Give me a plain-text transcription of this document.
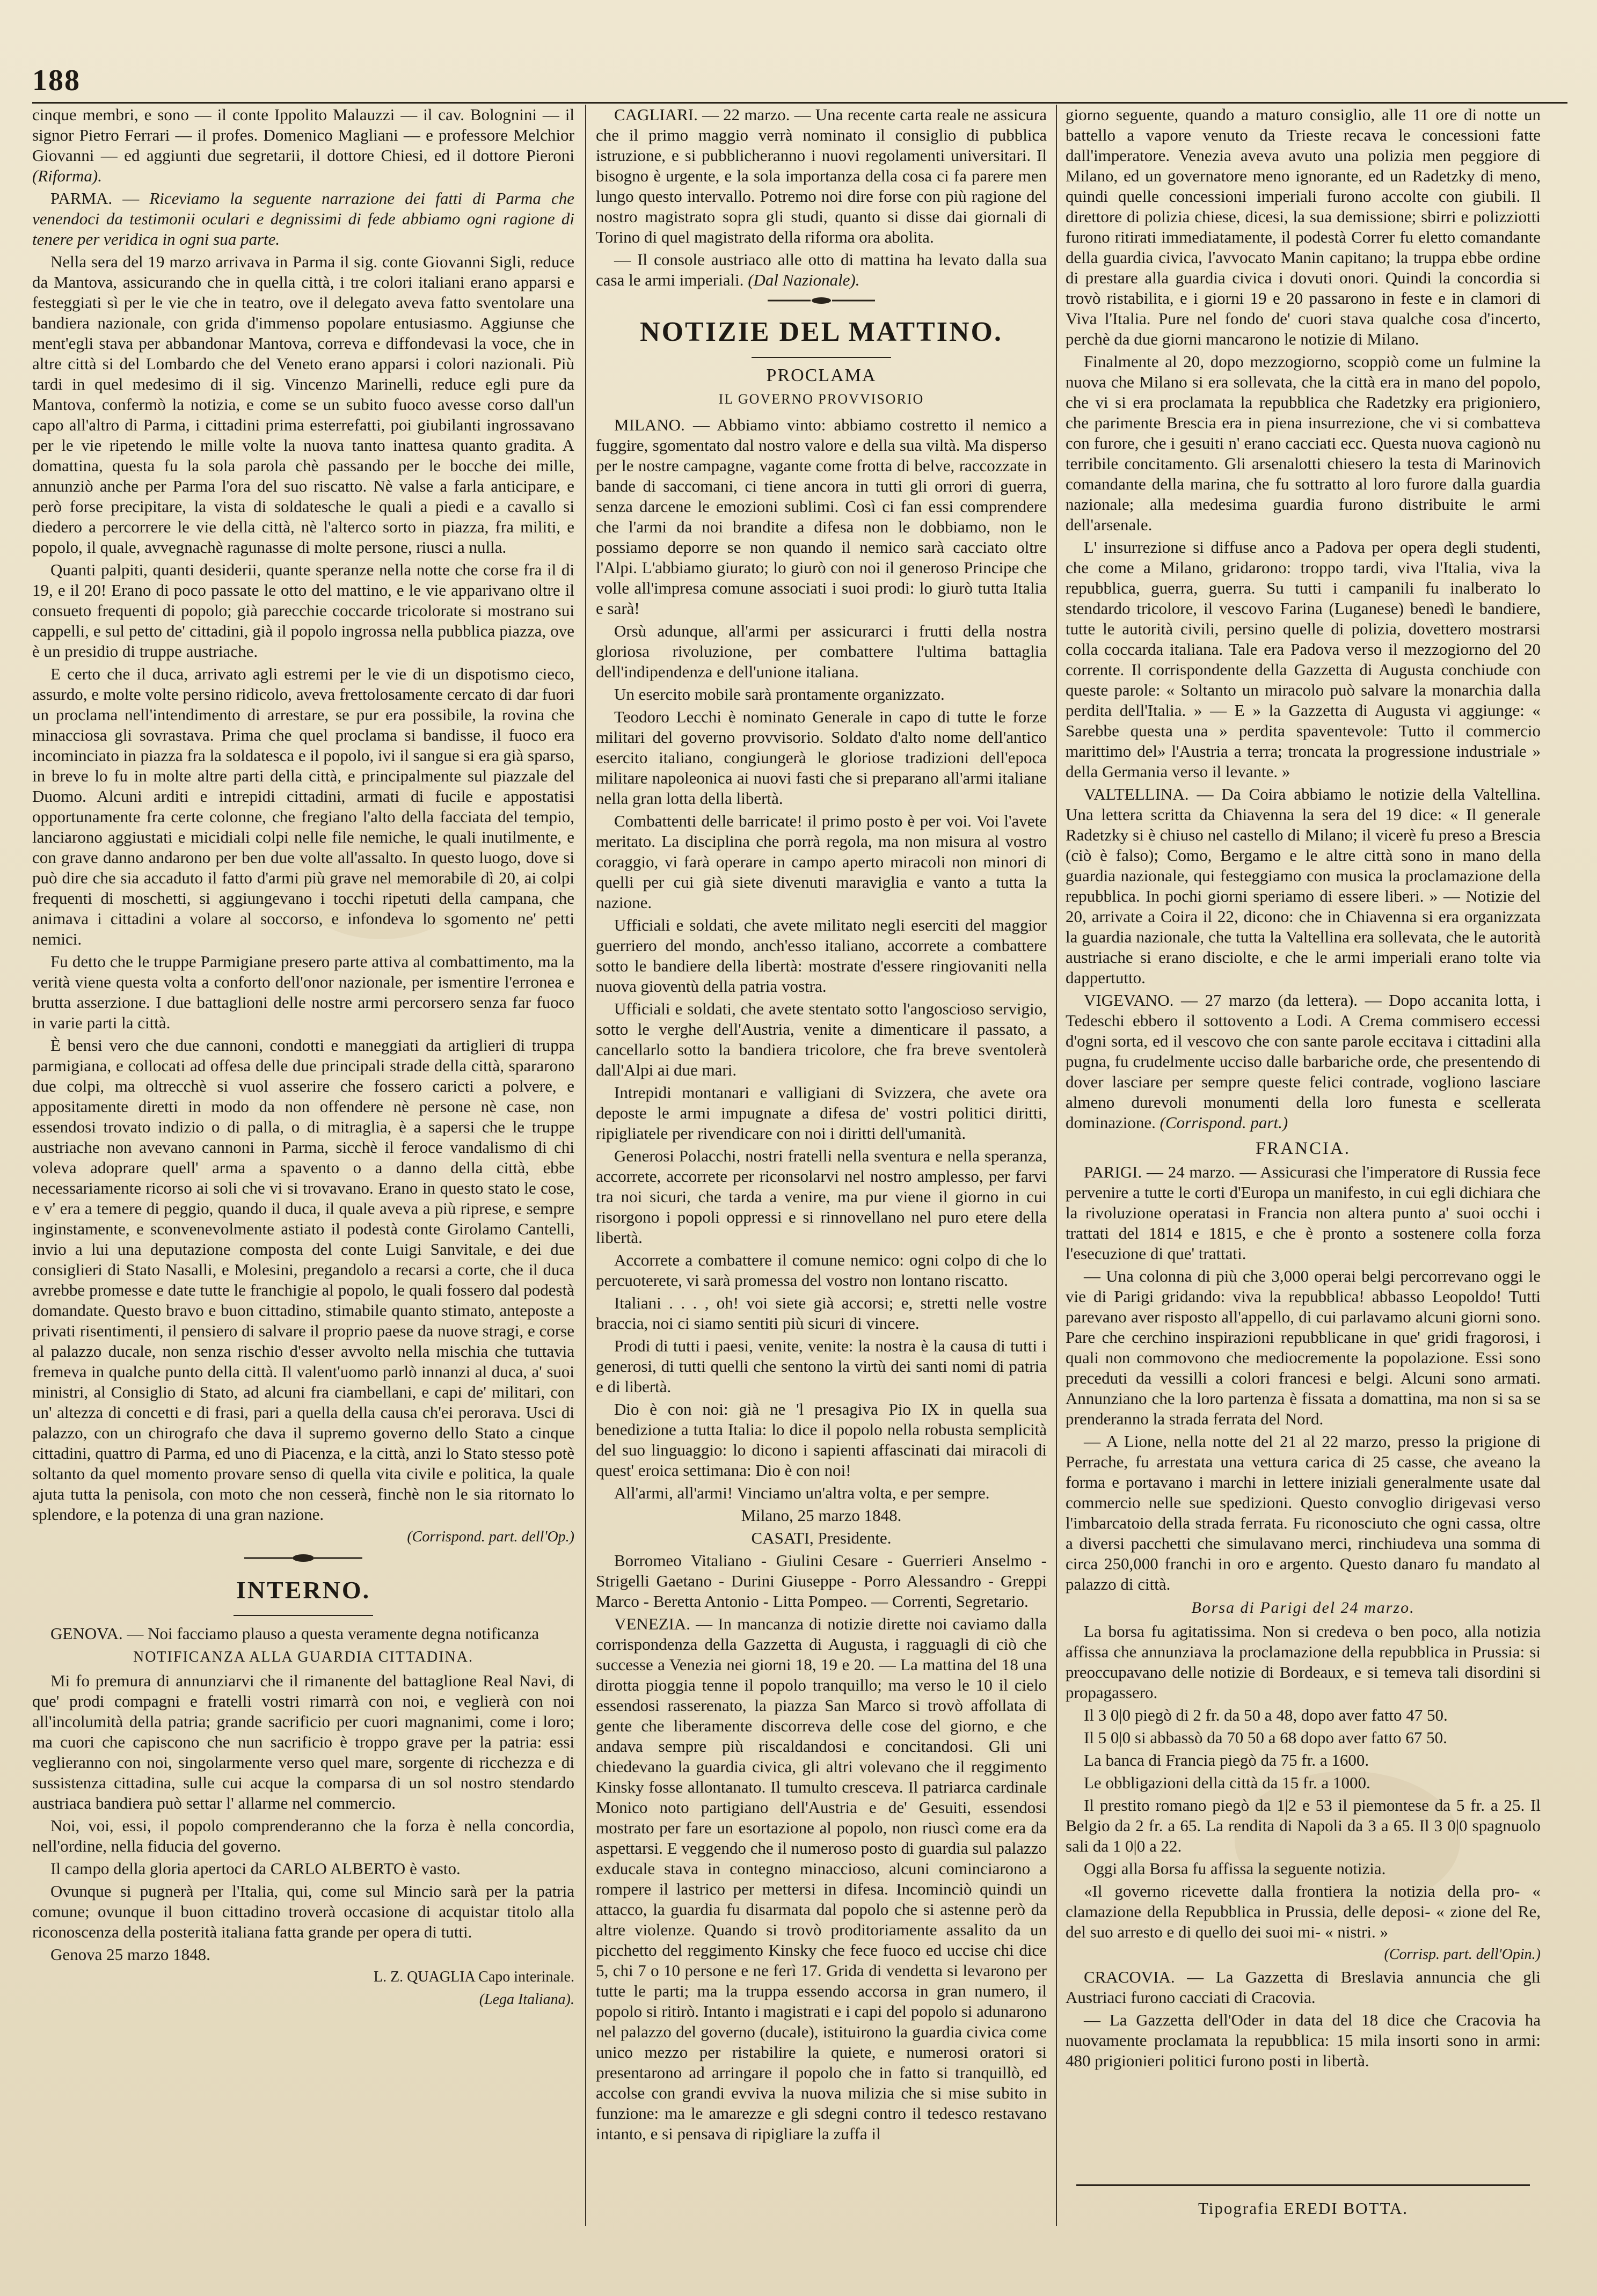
188

cinque membri, e sono — il conte Ippolito Malauzzi — il cav. Bolognini — il signor Pietro Ferrari — il profes. Domenico Magliani — e professore Melchior Giovanni — ed aggiunti due segretarii, il dottore Chiesi, ed il dottore Pieroni (Riforma).

PARMA. — Riceviamo la seguente narrazione dei fatti di Parma che venendoci da testimonii oculari e degnissimi di fede abbiamo ogni ragione di tenere per veridica in ogni sua parte.

Nella sera del 19 marzo arrivava in Parma il sig. conte Giovanni Sigli, reduce da Mantova, assicurando che in quella città, i tre colori italiani erano apparsi e festeggiati sì per le vie che in teatro, ove il delegato aveva fatto sventolare una bandiera nazionale, con grida d'immenso popolare entusiasmo. Aggiunse che ment'egli stava per abbandonar Mantova, correva e diffondevasi la voce, che in altre città si del Lombardo che del Veneto erano apparsi i colori nazionali. Più tardi in quel medesimo di il sig. Vincenzo Marinelli, reduce egli pure da Mantova, confermò la notizia, e come se un subito fuoco avesse corso dall'un capo all'altro di Parma, i cittadini prima esterrefatti, poi giubilanti ingrossavano per le vie ripetendo le mille volte la nuova tanto inattesa quanto gradita. A domattina, questa fu la sola parola chè passando per le bocche dei mille, annunziò anche per Parma l'ora del suo riscatto. Nè valse a farla anticipare, e però forse precipitare, la vista di soldatesche le quali a piedi e a cavallo si diedero a percorrere le vie della città, nè l'alterco sorto in piazza, fra militi, e popolo, il quale, avvegnachè ragunasse di molte persone, riusci a nulla.

Quanti palpiti, quanti desiderii, quante speranze nella notte che corse fra il di 19, e il 20! Erano di poco passate le otto del mattino, e le vie apparivano oltre il consueto frequenti di popolo; già parecchie coccarde tricolorate si mostrano sui cappelli, e sul petto de' cittadini, già il popolo ingrossa nella pubblica piazza, ove è un presidio di truppe austriache.

E certo che il duca, arrivato agli estremi per le vie di un dispotismo cieco, assurdo, e molte volte persino ridicolo, aveva frettolosamente cercato di dar fuori un proclama nell'intendimento di arrestare, se pur era possibile, la rovina che minacciosa gli sovrastava. Prima che quel proclama si bandisse, il fuoco era incominciato in piazza fra la soldatesca e il popolo, ivi il sangue si era già sparso, in breve lo fu in molte altre parti della città, e principalmente sul piazzale del Duomo. Alcuni arditi e intrepidi cittadini, armati di fucile e appostatisi opportunamente fra certe colonne, che fregiano l'alto della facciata del tempio, lanciarono aggiustati e micidiali colpi nelle file nemiche, le quali inutilmente, e con grave danno andarono per ben due volte all'assalto. In questo luogo, dove si può dire che sia accaduto il fatto d'armi più grave nel memorabile dì 20, ai colpi frequenti di moschetti, si aggiungevano i tocchi ripetuti della campana, che animava i cittadini a volare al soccorso, e infondeva lo sgomento ne' petti nemici.

Fu detto che le truppe Parmigiane presero parte attiva al combattimento, ma la verità viene questa volta a conforto dell'onor nazionale, per ismentire l'erronea e brutta asserzione. I due battaglioni delle nostre armi percorsero senza far fuoco in varie parti la città.

È bensi vero che due cannoni, condotti e maneggiati da artiglieri di truppa parmigiana, e collocati ad offesa delle due principali strade della città, spararono due colpi, ma oltrecchè si vuol asserire che fossero caricti a polvere, e appositamente diretti in modo da non offendere nè persone nè case, non essendosi trovato indizio o di palla, o di mitraglia, è a sapersi che le truppe austriache non avevano cannoni in Parma, sicchè il feroce vandalismo di chi voleva adoprare quell' arma a spavento o a danno della città, ebbe necessariamente ricorso ai soli che vi si trovavano. Erano in questo stato le cose, e v' era a temere di peggio, quando il duca, il quale aveva a più riprese, e sempre inginstamente, e sconvenevolmente astiato il podestà conte Girolamo Cantelli, invio a lui una deputazione composta del conte Luigi Sanvitale, e dei due consiglieri di Stato Nasalli, e Molesini, pregandolo a recarsi a corte, che il duca avrebbe promesse e date tutte le franchigie al popolo, le quali fossero dal podestà domandate. Questo bravo e buon cittadino, stimabile quanto stimato, anteposte a privati risentimenti, il pensiero di salvare il proprio paese da nuove stragi, e corse al palazzo ducale, non senza rischio d'esser avvolto nella mischia che tuttavia fremeva in qualche punto della città. Il valent'uomo parlò innanzi al duca, a' suoi ministri, al Consiglio di Stato, ad alcuni fra ciambellani, e capi de' militari, con un' altezza di concetti e di frasi, pari a quella della causa ch'ei perorava. Usci di palazzo, con un chirografo che dava il supremo governo dello Stato a cinque cittadini, quattro di Parma, ed uno di Piacenza, e la città, anzi lo Stato stesso potè soltanto da quel momento provare senso di quella vita civile e politica, la quale ajuta tutta la penisola, con moto che non cesserà, finchè non le sia ritornato lo splendore, e la potenza di una gran nazione.

(Corrispond. part. dell'Op.)

INTERNO.

GENOVA. — Noi facciamo plauso a questa veramente degna notificanza

NOTIFICANZA ALLA GUARDIA CITTADINA.

Mi fo premura di annunziarvi che il rimanente del battaglione Real Navi, di que' prodi compagni e fratelli vostri rimarrà con noi, e veglierà con noi all'incolumità della patria; grande sacrificio per cuori magnanimi, come i loro; ma cuori che capiscono che nun sacrificio è troppo grave per la patria: essi veglieranno con noi, singolarmente verso quel mare, sorgente di ricchezza e di sussistenza cittadina, sulle cui acque la comparsa di un sol nostro stendardo austriaca bandiera può settar l' allarme nel commercio.

Noi, voi, essi, il popolo comprenderanno che la forza è nella concordia, nell'ordine, nella fiducia del governo.

Il campo della gloria apertoci da CARLO ALBERTO è vasto.

Ovunque si pugnerà per l'Italia, qui, come sul Mincio sarà per la patria comune; ovunque il buon cittadino troverà occasione di acquistar titolo alla riconoscenza della posterità italiana fatta grande per opera di tutti.

Genova 25 marzo 1848.

L. Z. QUAGLIA Capo interinale.

(Lega Italiana).

CAGLIARI. — 22 marzo. — Una recente carta reale ne assicura che il primo maggio verrà nominato il consiglio di pubblica istruzione, e si pubblicheranno i nuovi regolamenti universitari. Il bisogno è urgente, e la sola importanza della cosa ci fa parere men lungo questo intervallo. Potremo noi dire forse con più ragione del nostro magistrato sopra gli studi, quanto si disse dai giornali di Torino di quel magistrato della riforma ora abolita.

— Il console austriaco alle otto di mattina ha levato dalla sua casa le armi imperiali. (Dal Nazionale).

NOTIZIE DEL MATTINO.
PROCLAMA
IL GOVERNO PROVVISORIO

MILANO. — Abbiamo vinto: abbiamo costretto il nemico a fuggire, sgomentato dal nostro valore e della sua viltà. Ma disperso per le nostre campagne, vagante come frotta di belve, raccozzate in bande di saccomani, ci tiene ancora in tutti gli orrori di guerra, senza darcene le emozioni sublimi. Così ci fan essi comprendere che l'armi da noi brandite a difesa non le dobbiamo, non le possiamo deporre se non quando il nemico sarà cacciato oltre l'Alpi. L'abbiamo giurato; lo giurò con noi il generoso Principe che volle all'impresa comune associati i suoi prodi: lo giurò tutta Italia e sarà!

Orsù adunque, all'armi per assicurarci i frutti della nostra gloriosa rivoluzione, per combattere l'ultima battaglia dell'indipendenza e dell'unione italiana.

Un esercito mobile sarà prontamente organizzato.

Teodoro Lecchi è nominato Generale in capo di tutte le forze militari del governo provvisorio. Soldato d'alto nome dell'antico esercito italiano, congiungerà le gloriose tradizioni dell'epoca militare napoleonica ai nuovi fasti che si preparano all'armi italiane nella gran lotta della libertà.

Combattenti delle barricate! il primo posto è per voi. Voi l'avete meritato. La disciplina che porrà regola, ma non misura al vostro coraggio, vi farà operare in campo aperto miracoli non minori di quelli per cui già siete divenuti maraviglia e vanto a tutta la nazione.

Ufficiali e soldati, che avete militato negli eserciti del maggior guerriero del mondo, anch'esso italiano, accorrete a combattere sotto le bandiere della libertà: mostrate d'essere ringiovaniti nella nuova gioventù della patria vostra.

Ufficiali e soldati, che avete stentato sotto l'angoscioso servigio, sotto le verghe dell'Austria, venite a dimenticare il passato, a cancellarlo sotto la bandiera tricolore, che fra breve sventolerà dall'Alpi ai due mari.

Intrepidi montanari e valligiani di Svizzera, che avete ora deposte le armi impugnate a difesa de' vostri politici diritti, ripigliatele per rivendicare con noi i diritti dell'umanità.

Generosi Polacchi, nostri fratelli nella sventura e nella speranza, accorrete, accorrete per riconsolarvi nel nostro amplesso, per farvi tra noi sicuri, che tarda a venire, ma pur viene il giorno in cui risorgono i popoli oppressi e si rinnovellano nel puro etere della libertà.

Accorrete a combattere il comune nemico: ogni colpo di che lo percuoterete, vi sarà promessa del vostro non lontano riscatto.

Italiani . . . , oh! voi siete già accorsi; e, stretti nelle vostre braccia, noi ci siamo sentiti più sicuri di vincere.

Prodi di tutti i paesi, venite, venite: la nostra è la causa di tutti i generosi, di tutti quelli che sentono la virtù dei santi nomi di patria e di libertà.

Dio è con noi: già ne 'l presagiva Pio IX in quella sua benedizione a tutta Italia: lo dice il popolo nella robusta semplicità del suo linguaggio: lo dicono i sapienti affascinati dai miracoli di quest' eroica settimana: Dio è con noi!

All'armi, all'armi! Vinciamo un'altra volta, e per sempre.

Milano, 25 marzo 1848.

CASATI, Presidente.

Borromeo Vitaliano - Giulini Cesare - Guerrieri Anselmo - Strigelli Gaetano - Durini Giuseppe - Porro Alessandro - Greppi Marco - Beretta Antonio - Litta Pompeo. — Correnti, Segretario.

VENEZIA. — In mancanza di notizie dirette noi caviamo dalla corrispondenza della Gazzetta di Augusta, i ragguagli di ciò che successe a Venezia nei giorni 18, 19 e 20. — La mattina del 18 una dirotta pioggia tenne il popolo tranquillo; ma verso le 10 il cielo essendosi rasserenato, la piazza San Marco si trovò affollata di gente che liberamente discorreva delle cose del giorno, e che andava sempre più riscaldandosi e concitandosi. Gli uni chiedevano la guardia civica, gli altri volevano che il reggimento Kinsky fosse allontanato. Il tumulto cresceva. Il patriarca cardinale Monico noto partigiano dell'Austria e de' Gesuiti, essendosi mostrato per fare un esortazione al popolo, non riuscì come era da aspettarsi. E veggendo che il numeroso posto di guardia sul palazzo exducale stava in contegno minaccioso, alcuni cominciarono a rompere il lastrico per mettersi in difesa. Incominciò quindi un attacco, la guardia fu disarmata dal popolo che si astenne però da altre violenze. Quando si trovò proditoriamente assalito da un picchetto del reggimento Kinsky che fece fuoco ed uccise chi dice 5, chi 7 o 10 persone e ne ferì 17. Grida di vendetta si levarono per tutte le parti; ma la truppa essendo accorsa in gran numero, il popolo si ritirò. Intanto i magistrati e i capi del popolo si adunarono nel palazzo del governo (ducale), istituirono la guardia civica come unico mezzo per ristabilire la quiete, e numerosi oratori si presentarono ad arringare il popolo che in fatto si tranquillò, ed accolse con grandi evviva la nuova milizia che si mise subito in funzione: ma le amarezze e gli sdegni contro il tedesco restavano intanto, e si pensava di ripigliare la zuffa il

giorno seguente, quando a maturo consiglio, alle 11 ore di notte un battello a vapore venuto da Trieste recava le concessioni fatte dall'imperatore. Venezia aveva avuto una polizia men peggiore di Milano, ed un governatore meno ignorante, ed un Radetzky di meno, quindi quelle concessioni imperiali furono accolte con giubili. Il direttore di polizia chiese, dicesi, la sua demissione; sbirri e polizziotti furono ritirati immediatamente, il podestà Correr fu eletto comandante della guardia civica, l'avvocato Manin capitano; la truppa ebbe ordine di prestare alla guardia civica i dovuti onori. Quindi la concordia si trovò ristabilita, e i giorni 19 e 20 passarono in feste e in clamori di Viva l'Italia. Pure nel fondo de' cuori stava qualche cosa d'incerto, perchè da due giorni mancarono le notizie di Milano.

Finalmente al 20, dopo mezzogiorno, scoppiò come un fulmine la nuova che Milano si era sollevata, che la città era in mano del popolo, che vi si era proclamata la repubblica che Radetzky era prigioniero, che parimente Brescia era in piena insurrezione, che vi si combatteva con furore, che i gesuiti n' erano cacciati ecc. Questa nuova cagionò nu terribile concitamento. Gli arsenalotti chiesero la testa di Marinovich comandante della marina, che fu sottratto al loro furore dalla guardia nazionale; alla medesima guardia furono distribuite le armi dell'arsenale.

L' insurrezione si diffuse anco a Padova per opera degli studenti, che come a Milano, gridarono: troppo tardi, viva l'Italia, viva la repubblica, guerra, guerra. Su tutti i campanili fu inalberato lo stendardo tricolore, il vescovo Farina (Luganese) benedì le bandiere, tutte le autorità civili, persino quelle di polizia, dovettero mostrarsi colla coccarda italiana. Tale era Padova verso il mezzogiorno del 20 corrente. Il corrispondente della Gazzetta di Augusta conchiude con queste parole: « Soltanto un miracolo può salvare la monarchia dalla perdita dell'Italia. » — E » la Gazzetta di Augusta vi aggiunge: « Sarebbe questa una » perdita spaventevole: Tutto il commercio marittimo del» l'Austria a terra; troncata la progressione industriale » della Germania verso il levante. »

VALTELLINA. — Da Coira abbiamo le notizie della Valtellina. Una lettera scritta da Chiavenna la sera del 19 dice: « Il generale Radetzky si è chiuso nel castello di Milano; il vicerè fu preso a Brescia (ciò è falso); Como, Bergamo e le altre città sono in mano della guardia nazionale, qui festeggiamo con musica la proclamazione della repubblica. In pochi giorni speriamo di essere liberi. » — Notizie del 20, arrivate a Coira il 22, dicono: che in Chiavenna si era organizzata la guardia nazionale, che tutta la Valtellina era sollevata, che le autorità austriache si erano disciolte, e che le armi imperiali erano tolte via dappertutto.

VIGEVANO. — 27 marzo (da lettera). — Dopo accanita lotta, i Tedeschi ebbero il sottovento a Lodi. A Crema commisero eccessi d'ogni sorta, ed il vescovo che con sante parole eccitava i cittadini alla pugna, fu crudelmente ucciso dalle barbariche orde, che presentendo di dover lasciare per sempre queste felici contrade, vogliono lasciare almeno durevoli monumenti della loro funesta e scellerata dominazione. (Corrispond. part.)

FRANCIA.

PARIGI. — 24 marzo. — Assicurasi che l'imperatore di Russia fece pervenire a tutte le corti d'Europa un manifesto, in cui egli dichiara che la rivoluzione operatasi in Francia non altera punto a' suoi occhi i trattati del 1814 e 1815, e che è pronto a sostenere colla forza l'esecuzione di que' trattati.

— Una colonna di più che 3,000 operai belgi percorrevano oggi le vie di Parigi gridando: viva la repubblica! abbasso Leopoldo! Tutti parevano aver risposto all'appello, di cui parlavamo alcuni giorni sono. Pare che cerchino inspirazioni repubblicane in que' gridi fragorosi, i quali non commovono che mediocremente la popolazione. Essi sono preceduti da vessilli a colori francesi e belgi. Alcuni sono armati. Annunziano che la loro partenza è fissata a domattina, ma non si sa se prenderanno la strada ferrata del Nord.

— A Lione, nella notte del 21 al 22 marzo, presso la prigione di Perrache, fu arrestata una vettura carica di 25 casse, che aveano la forma e portavano i marchi in lettere iniziali generalmente usate dal commercio nelle sue spedizioni. Questo convoglio dirigevasi verso l'imbarcatoio della strada ferrata. Fu riconosciuto che ogni cassa, oltre a diversi pacchetti che simulavano merci, rinchiudeva una somma di circa 250,000 franchi in oro e argento. Questo danaro fu mandato al palazzo di città.

Borsa di Parigi del 24 marzo.

La borsa fu agitatissima. Non si credeva o ben poco, alla notizia affissa che annunziava la proclamazione della repubblica in Prussia: si preoccupavano delle notizie di Bordeaux, e si temeva tali disordini si propagassero.

Il 3 0|0 piegò di 2 fr. da 50 a 48, dopo aver fatto 47 50.

Il 5 0|0 si abbassò da 70 50 a 68 dopo aver fatto 67 50.

La banca di Francia piegò da 75 fr. a 1600.

Le obbligazioni della città da 15 fr. a 1000.

Il prestito romano piegò da 1|2 e 53 il piemontese da 5 fr. a 25. Il Belgio da 2 fr. a 65. La rendita di Napoli da 3 a 65. Il 3 0|0 spagnuolo sali da 1 0|0 a 22.

Oggi alla Borsa fu affissa la seguente notizia.

«Il governo ricevette dalla frontiera la notizia della pro- « clamazione della Repubblica in Prussia, delle deposi- « zione del Re, del suo arresto e di quello dei suoi mi- « nistri. »

(Corrisp. part. dell'Opin.)

CRACOVIA. — La Gazzetta di Breslavia annuncia che gli Austriaci furono cacciati di Cracovia.

— La Gazzetta dell'Oder in data del 18 dice che Cracovia ha nuovamente proclamata la repubblica: 15 mila insorti sono in armi: 480 prigionieri politici furono posti in libertà.

Tipografia EREDI BOTTA.
